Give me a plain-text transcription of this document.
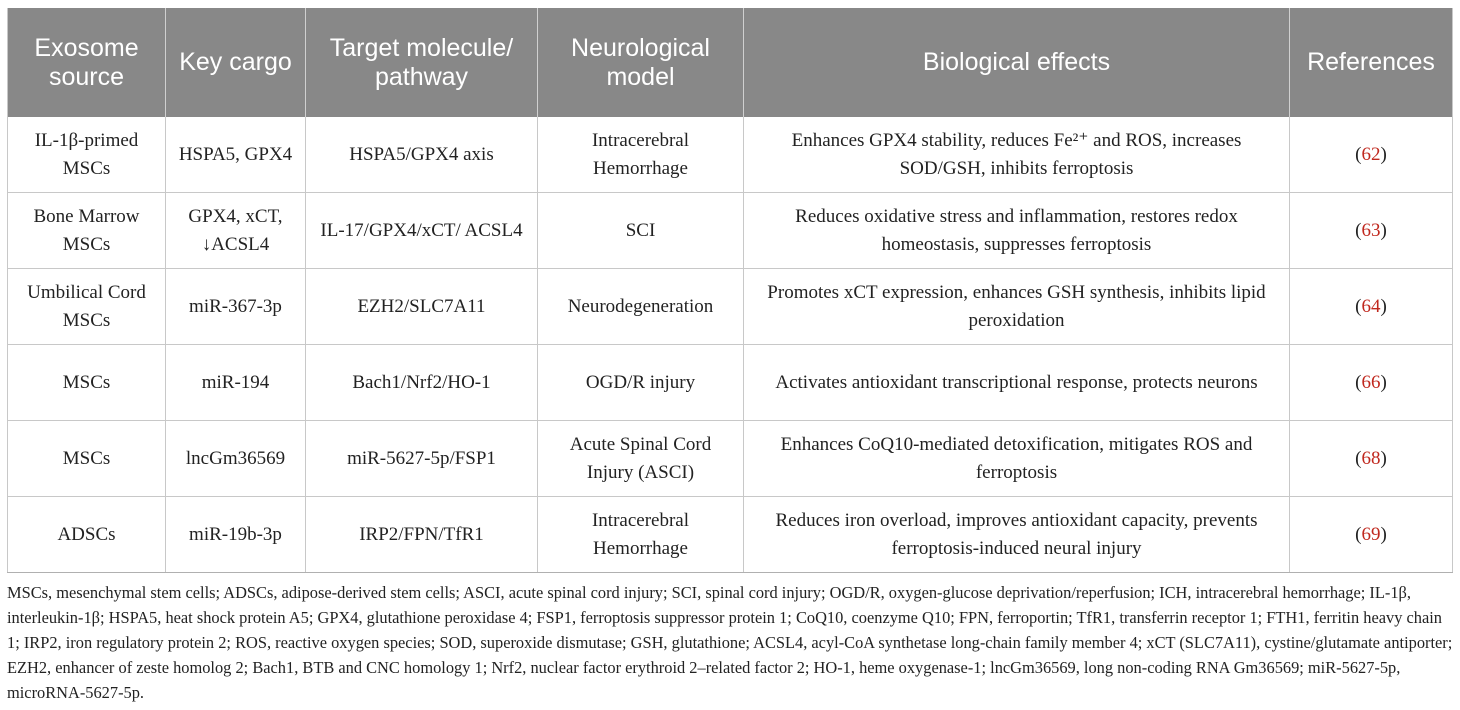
Exosome source	Key cargo	Target molecule/ pathway	Neurological model	Biological effects	References
IL-1β-primed MSCs	HSPA5, GPX4	HSPA5/GPX4 axis	Intracerebral Hemorrhage	Enhances GPX4 stability, reduces Fe²⁺ and ROS, increases SOD/GSH, inhibits ferroptosis	(62)
Bone Marrow MSCs	GPX4, xCT, ↓ACSL4	IL-17/GPX4/xCT/ ACSL4	SCI	Reduces oxidative stress and inflammation, restores redox homeostasis, suppresses ferroptosis	(63)
Umbilical Cord MSCs	miR-367-3p	EZH2/SLC7A11	Neurodegeneration	Promotes xCT expression, enhances GSH synthesis, inhibits lipid peroxidation	(64)
MSCs	miR-194	Bach1/Nrf2/HO-1	OGD/R injury	Activates antioxidant transcriptional response, protects neurons	(66)
MSCs	lncGm36569	miR-5627-5p/FSP1	Acute Spinal Cord Injury (ASCI)	Enhances CoQ10-mediated detoxification, mitigates ROS and ferroptosis	(68)
ADSCs	miR-19b-3p	IRP2/FPN/TfR1	Intracerebral Hemorrhage	Reduces iron overload, improves antioxidant capacity, prevents ferroptosis-induced neural injury	(69)

MSCs, mesenchymal stem cells; ADSCs, adipose-derived stem cells; ASCI, acute spinal cord injury; SCI, spinal cord injury; OGD/R, oxygen-glucose deprivation/reperfusion; ICH, intracerebral hemorrhage; IL-1β, interleukin-1β; HSPA5, heat shock protein A5; GPX4, glutathione peroxidase 4; FSP1, ferroptosis suppressor protein 1; CoQ10, coenzyme Q10; FPN, ferroportin; TfR1, transferrin receptor 1; FTH1, ferritin heavy chain 1; IRP2, iron regulatory protein 2; ROS, reactive oxygen species; SOD, superoxide dismutase; GSH, glutathione; ACSL4, acyl-CoA synthetase long-chain family member 4; xCT (SLC7A11), cystine/glutamate antiporter; EZH2, enhancer of zeste homolog 2; Bach1, BTB and CNC homology 1; Nrf2, nuclear factor erythroid 2–related factor 2; HO-1, heme oxygenase-1; lncGm36569, long non-coding RNA Gm36569; miR-5627-5p, microRNA-5627-5p.
